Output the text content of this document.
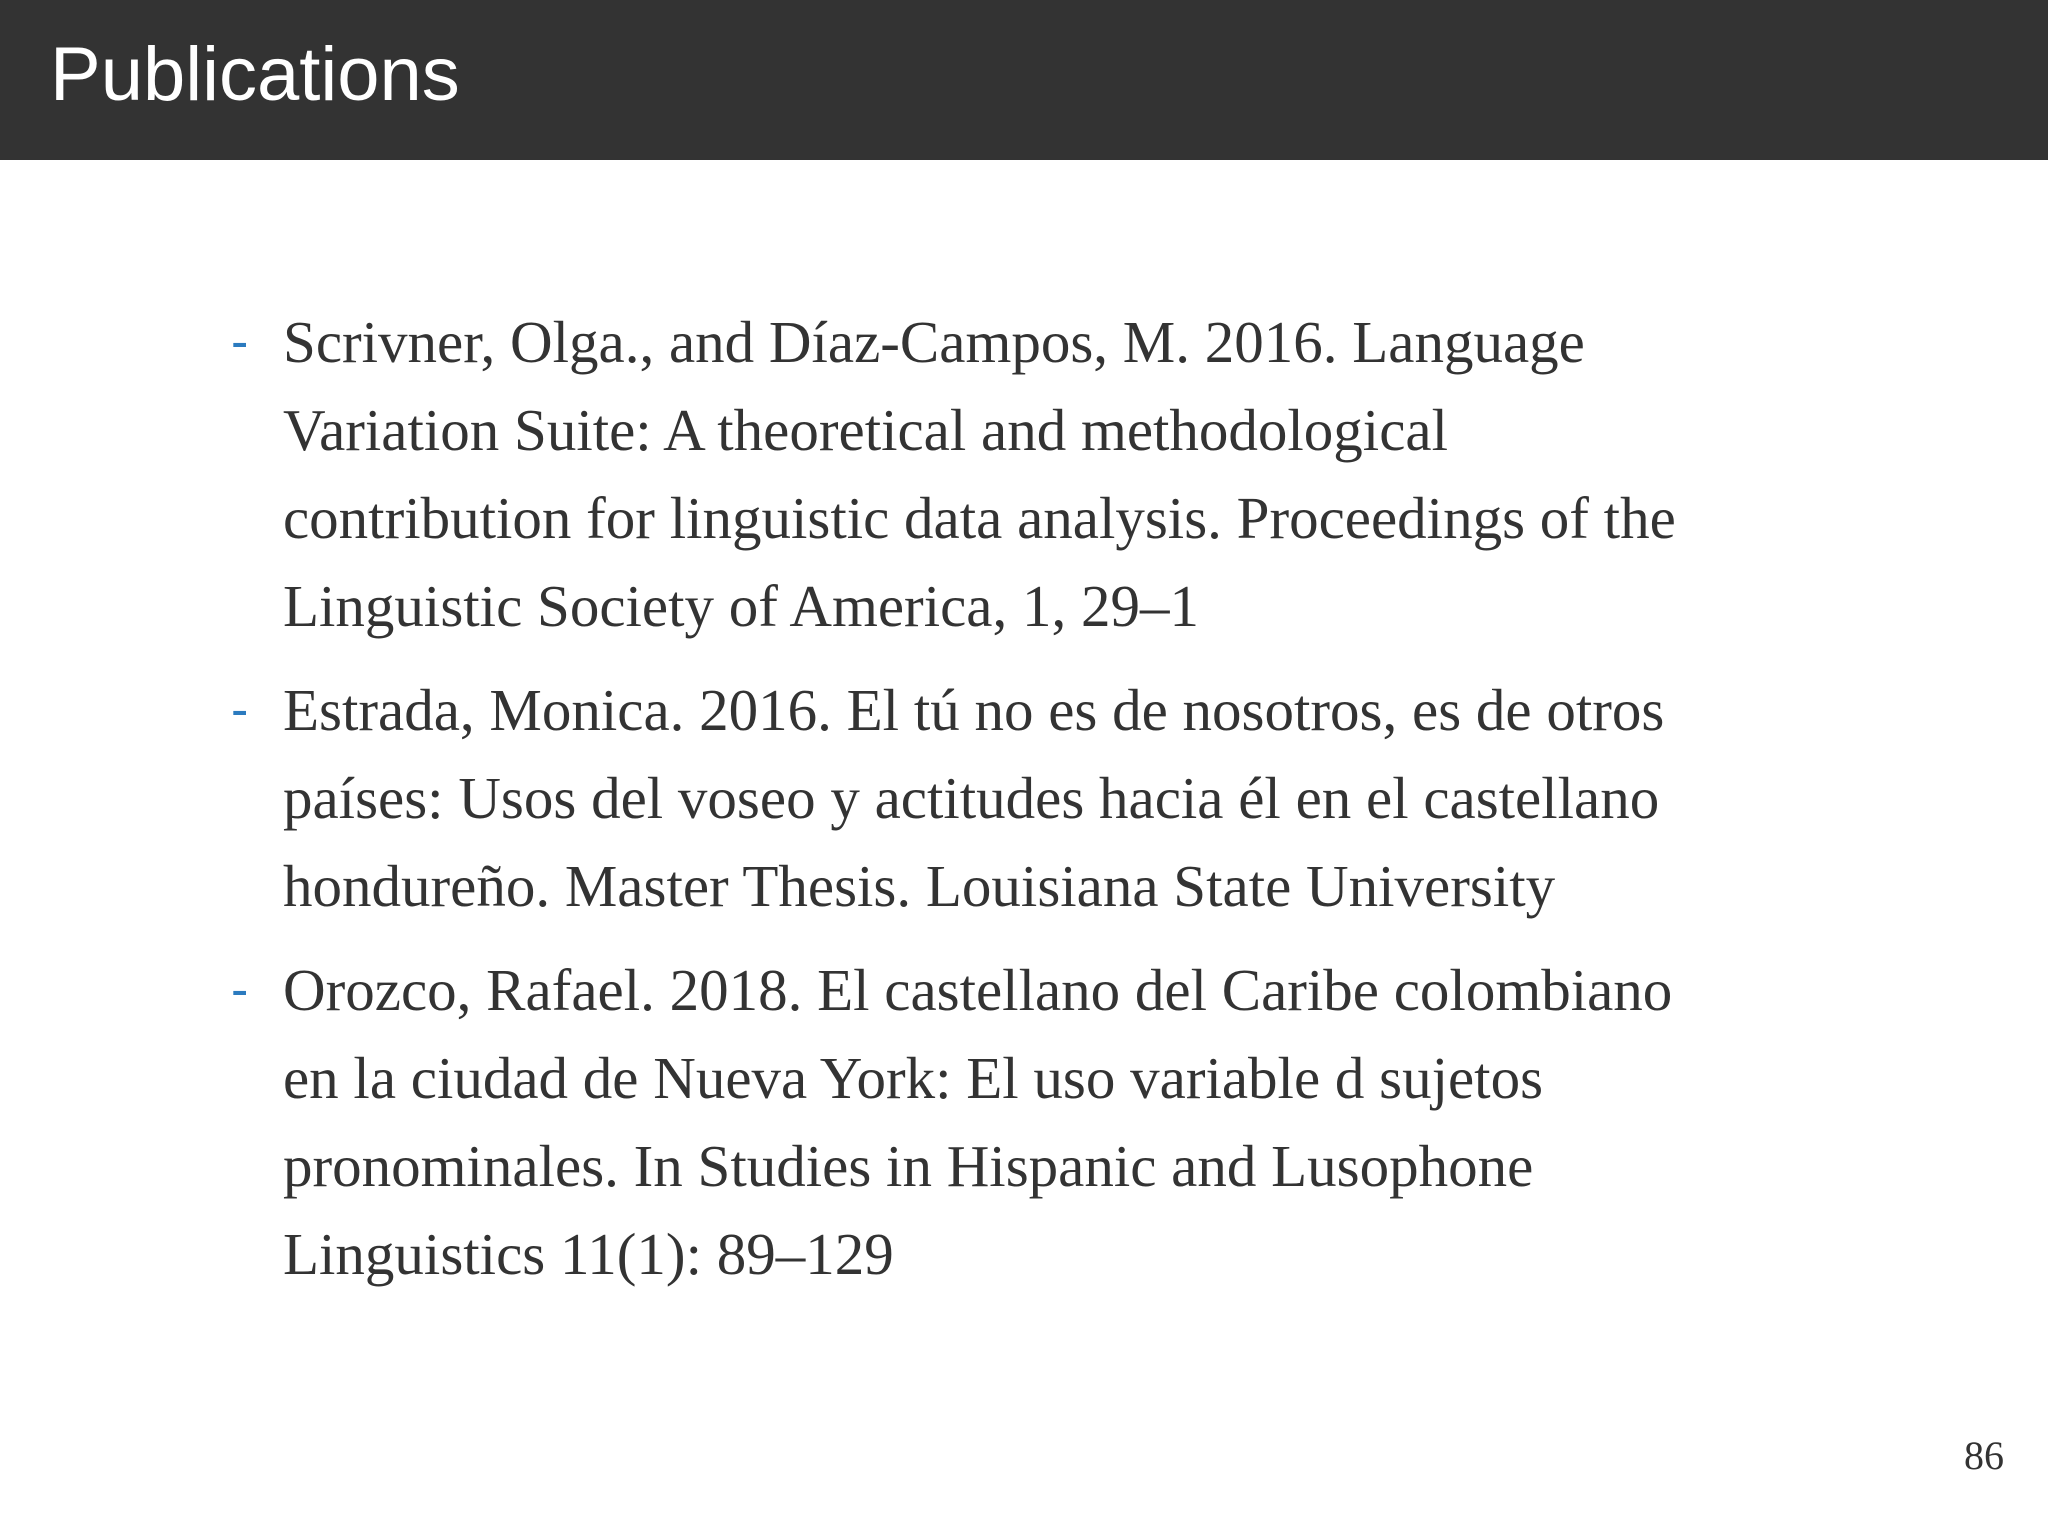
Publications
- Scrivner, Olga., and Díaz-Campos, M. 2016. Language
Variation Suite: A theoretical and methodological
contribution for linguistic data analysis. Proceedings of the
Linguistic Society of America, 1, 29–1
- Estrada, Monica. 2016. El tú no es de nosotros, es de otros
países: Usos del voseo y actitudes hacia él en el castellano
hondureño. Master Thesis. Louisiana State University
- Orozco, Rafael. 2018. El castellano del Caribe colombiano
en la ciudad de Nueva York: El uso variable d sujetos
pronominales. In Studies in Hispanic and Lusophone
Linguistics 11(1): 89–129
86
